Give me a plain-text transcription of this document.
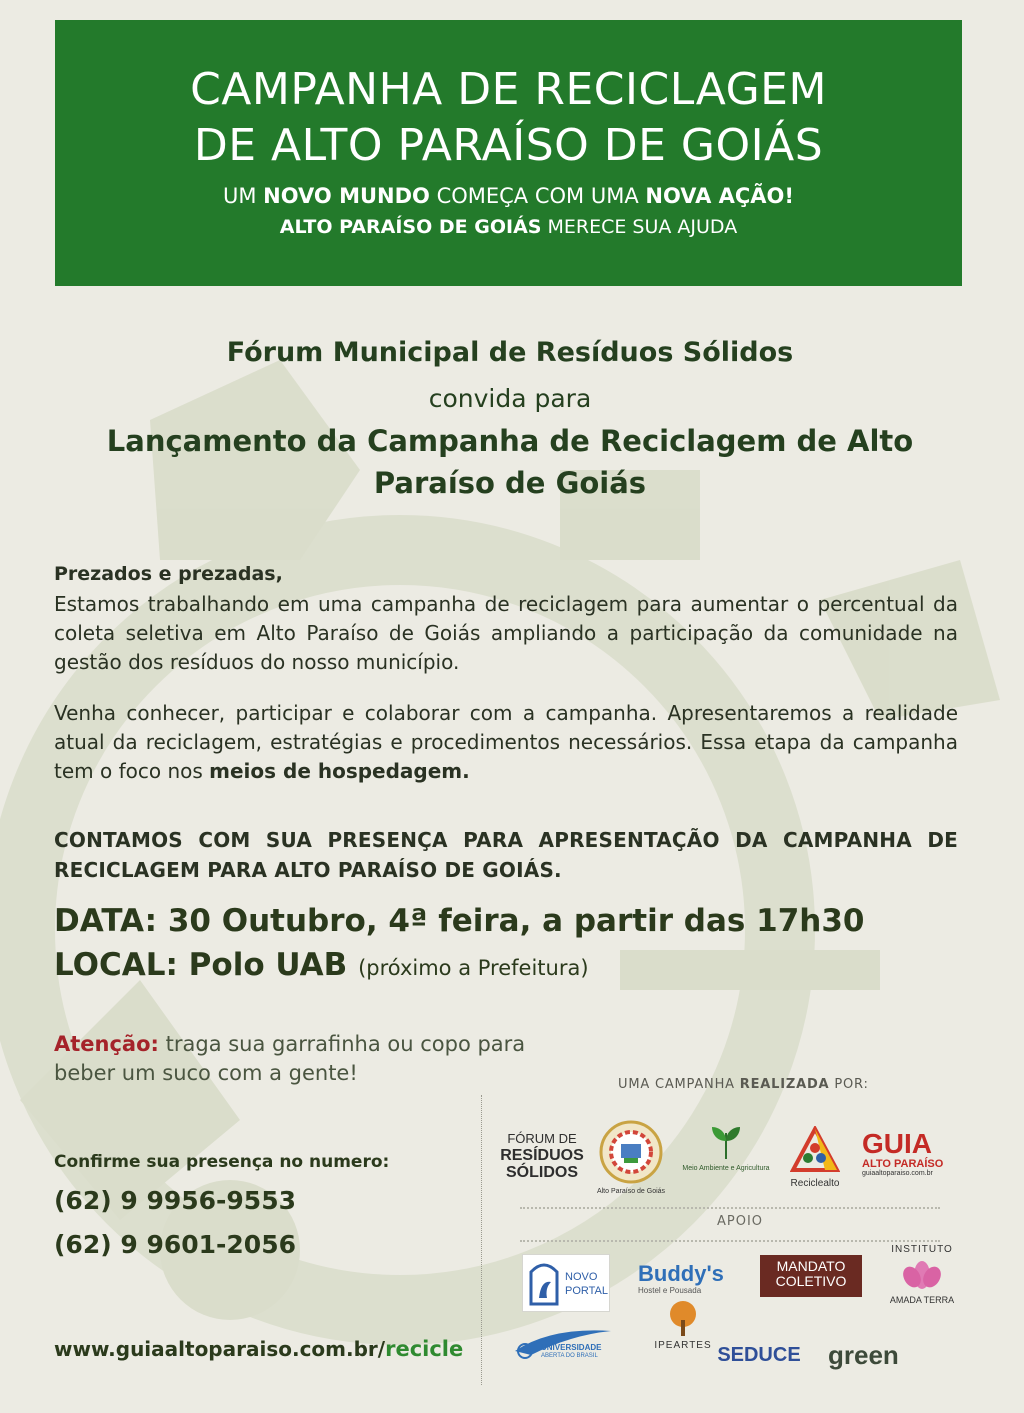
CAMPANHA DE RECICLAGEM
DE ALTO PARAÍSO DE GOIÁS
UM NOVO MUNDO COMEÇA COM UMA NOVA AÇÃO!
ALTO PARAÍSO DE GOIÁS MERECE SUA AJUDA
Fórum Municipal de Resíduos Sólidos
convida para
Lançamento da Campanha de Reciclagem de Alto Paraíso de Goiás
Prezados e prezadas,
Estamos trabalhando em uma campanha de reciclagem para aumentar o percentual da coleta seletiva em Alto Paraíso de Goiás ampliando a participação da comunidade na gestão dos resíduos do nosso município.
Venha conhecer, participar e colaborar com a campanha. Apresentaremos a realidade atual da reciclagem, estratégias e procedimentos necessários. Essa etapa da campanha tem o foco nos meios de hospedagem.
CONTAMOS COM SUA PRESENÇA PARA APRESENTAÇÃO DA CAMPANHA DE RECICLAGEM PARA ALTO PARAÍSO DE GOIÁS.
DATA: 30 Outubro, 4ª feira, a partir das 17h30
LOCAL: Polo UAB (próximo a Prefeitura)
Atenção: traga sua garrafinha ou copo para beber um suco com a gente!
Confirme sua presença no numero:
(62) 9 9956-9553
(62) 9 9601-2056
www.guiaaltoparaiso.com.br/recicle
UMA CAMPANHA REALIZADA POR:
FÓRUM DE
RESÍDUOS
SÓLIDOS
Alto Paraíso de Goiás
Meio Ambiente e Agricultura
Reciclealto
GUIA
ALTO PARAÍSO
guiaaltoparaiso.com.br
APOIO
NOVO
PORTAL
Buddy's
Hostel e Pousada
MANDATO
COLETIVO
INSTITUTO
AMADA TERRA
UNIVERSIDADE
ABERTA DO BRASIL
IPEARTES SEDUCE green
